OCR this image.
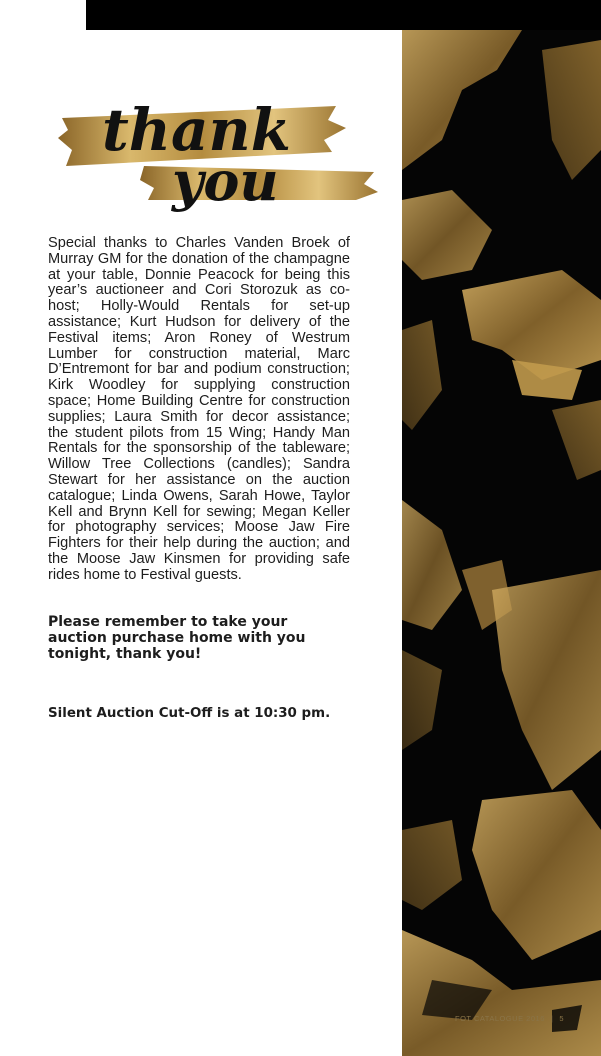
thank
you

Special thanks to Charles Vanden Broek of Murray GM for the donation of the champagne at your table, Donnie Peacock for being this year’s auctioneer and Cori Storozuk as co-host; Holly-Would Rentals for set-up assistance; Kurt Hudson for delivery of the Festival items; Aron Roney of Westrum Lumber for construction material, Marc D’Entremont for bar and podium construction; Kirk Woodley for supplying construction space; Home Building Centre for construction supplies; Laura Smith for decor assistance; the student pilots from 15 Wing; Handy Man Rentals for the sponsorship of the tableware; Willow Tree Collections (candles); Sandra Stewart for her assistance on the auction catalogue; Linda Owens, Sarah Howe, Taylor Kell and Brynn Kell for sewing; Megan Keller for photography services; Moose Jaw Fire Fighters for their help during the auction; and the Moose Jaw Kinsmen for providing safe rides home to Festival guests.

Please remember to take your auction purchase home with you tonight, thank you!

Silent Auction Cut-Off is at 10:30 pm.

FOT CATALOGUE 2016 | 5
